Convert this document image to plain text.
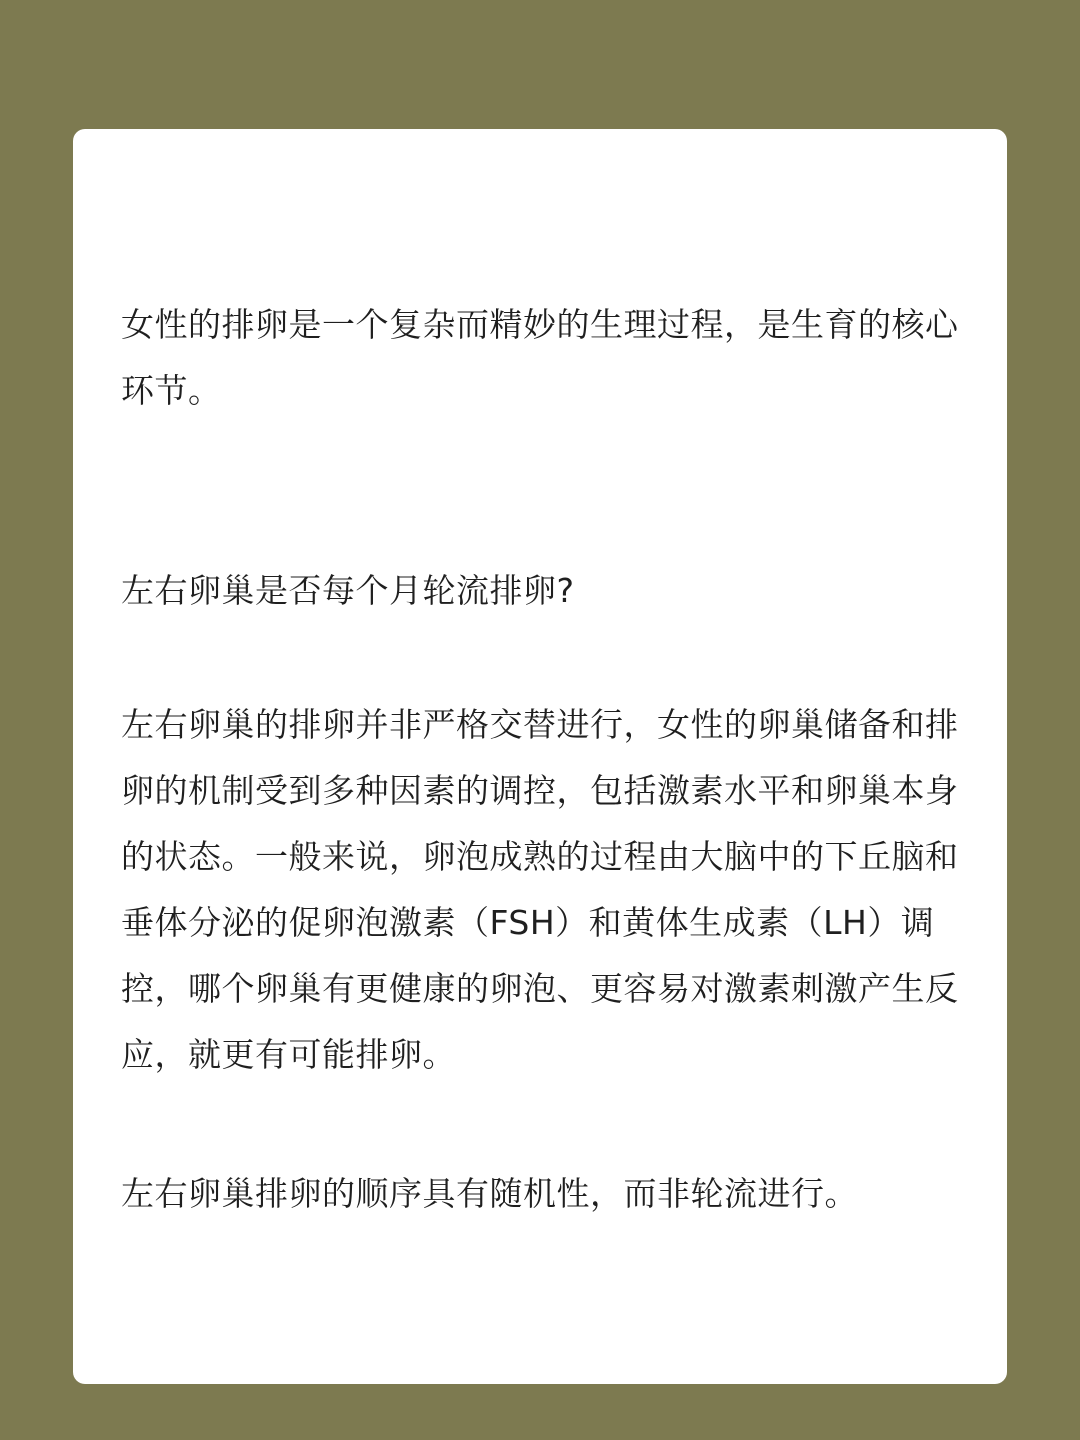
女性的排卵是一个复杂而精妙的生理过程，是生育的核心环节。

左右卵巢是否每个月轮流排卵?

左右卵巢的排卵并非严格交替进行，女性的卵巢储备和排卵的机制受到多种因素的调控，包括激素水平和卵巢本身的状态。一般来说，卵泡成熟的过程由大脑中的下丘脑和垂体分泌的促卵泡激素（FSH）和黄体生成素（LH）调控，哪个卵巢有更健康的卵泡、更容易对激素刺激产生反应，就更有可能排卵。

左右卵巢排卵的顺序具有随机性，而非轮流进行。
